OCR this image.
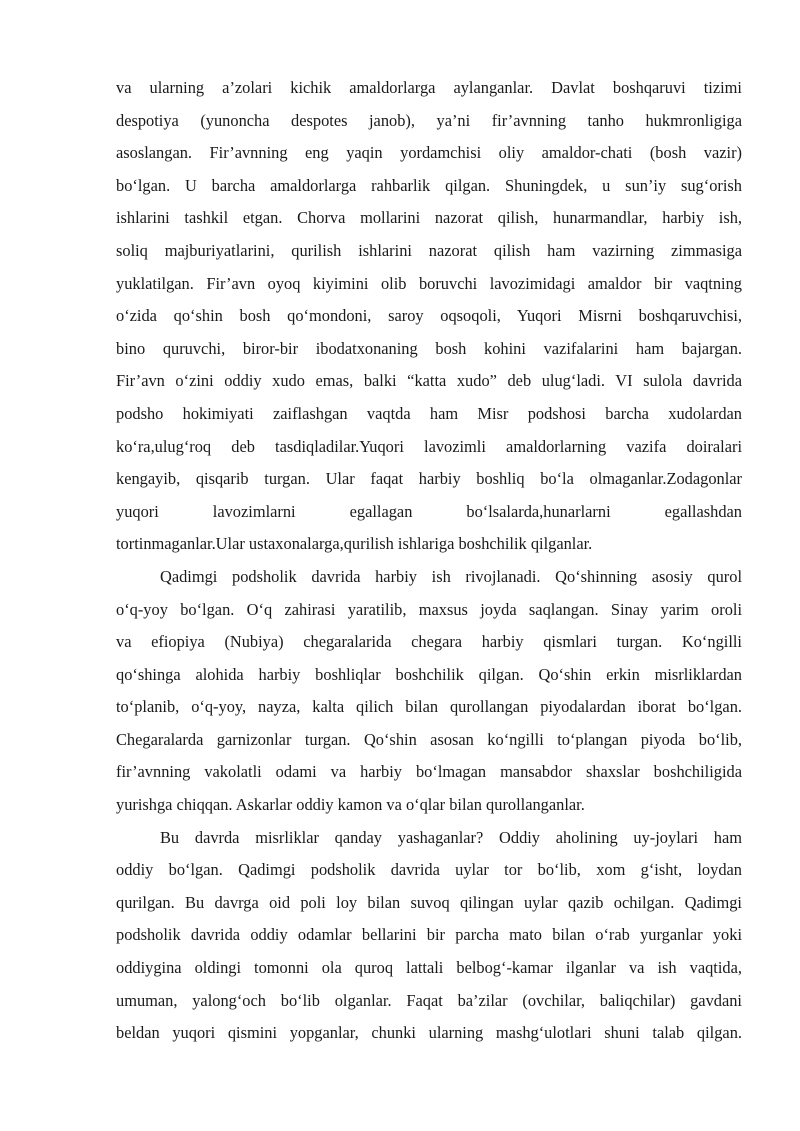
va ularning a’zolari kichik amaldorlarga aylanganlar. Davlat boshqaruvi tizimi
despotiya (yunoncha despotes janob), ya’ni fir’avnning tanho hukmronligiga
asoslangan. Fir’avnning eng yaqin yordamchisi oliy amaldor-chati (bosh vazir)
bo‘lgan. U barcha amaldorlarga rahbarlik qilgan. Shuningdek, u sun’iy sug‘orish
ishlarini tashkil etgan. Chorva mollarini nazorat qilish, hunarmandlar, harbiy ish,
soliq majburiyatlarini, qurilish ishlarini nazorat qilish ham vazirning zimmasiga
yuklatilgan. Fir’avn oyoq kiyimini olib boruvchi lavozimidagi amaldor bir vaqtning
o‘zida qo‘shin bosh qo‘mondoni, saroy oqsoqoli, Yuqori Misrni boshqaruvchisi,
bino quruvchi, biror-bir ibodatxonaning bosh kohini vazifalarini ham bajargan.
Fir’avn o‘zini oddiy xudo emas, balki “katta xudo” deb ulug‘ladi. VI sulola davrida
podsho hokimiyati zaiflashgan vaqtda ham Misr podshosi barcha xudolardan
ko‘ra,ulug‘roq deb tasdiqladilar.Yuqori lavozimli amaldorlarning vazifa doiralari
kengayib, qisqarib turgan. Ular faqat harbiy boshliq bo‘la olmaganlar.Zodagonlar
yuqori lavozimlarni egallagan bo‘lsalarda,hunarlarni egallashdan
tortinmaganlar.Ular ustaxonalarga,qurilish ishlariga boshchilik qilganlar.
Qadimgi podsholik davrida harbiy ish rivojlanadi. Qo‘shinning asosiy qurol
o‘q-yoy bo‘lgan. O‘q zahirasi yaratilib, maxsus joyda saqlangan. Sinay yarim oroli
va efiopiya (Nubiya) chegaralarida chegara harbiy qismlari turgan. Ko‘ngilli
qo‘shinga alohida harbiy boshliqlar boshchilik qilgan. Qo‘shin erkin misrliklardan
to‘planib, o‘q-yoy, nayza, kalta qilich bilan qurollangan piyodalardan iborat bo‘lgan.
Chegaralarda garnizonlar turgan. Qo‘shin asosan ko‘ngilli to‘plangan piyoda bo‘lib,
fir’avnning vakolatli odami va harbiy bo‘lmagan mansabdor shaxslar boshchiligida
yurishga chiqqan. Askarlar oddiy kamon va o‘qlar bilan qurollanganlar.
Bu davrda misrliklar qanday yashaganlar? Oddiy aholining uy-joylari ham
oddiy bo‘lgan. Qadimgi podsholik davrida uylar tor bo‘lib, xom g‘isht, loydan
qurilgan. Bu davrga oid poli loy bilan suvoq qilingan uylar qazib ochilgan. Qadimgi
podsholik davrida oddiy odamlar bellarini bir parcha mato bilan o‘rab yurganlar yoki
oddiygina oldingi tomonni ola quroq lattali belbog‘-kamar ilganlar va ish vaqtida,
umuman, yalong‘och bo‘lib olganlar. Faqat ba’zilar (ovchilar, baliqchilar) gavdani
beldan yuqori qismini yopganlar, chunki ularning mashg‘ulotlari shuni talab qilgan.
